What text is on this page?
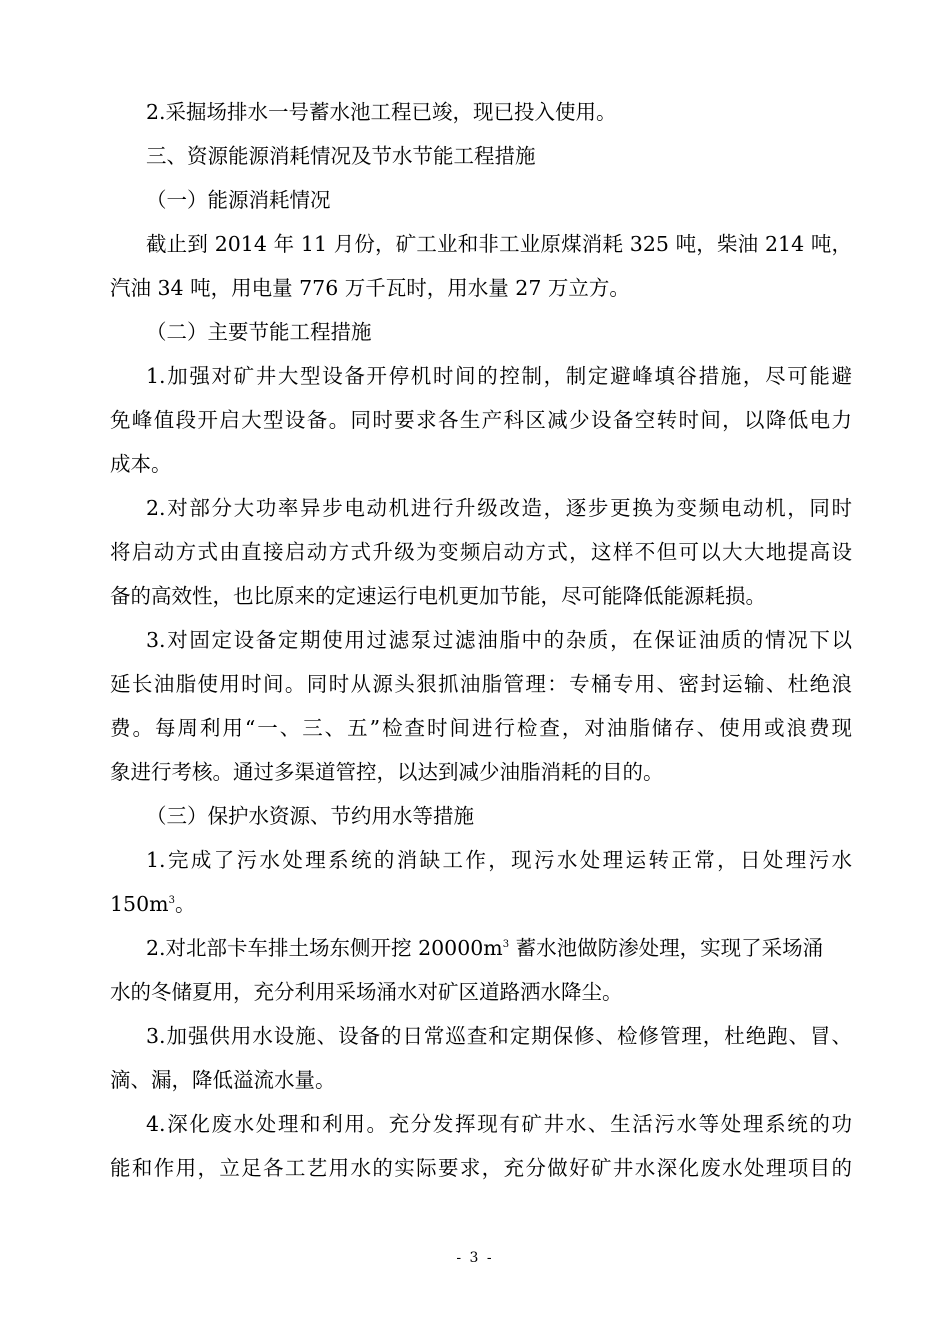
2.采掘场排水一号蓄水池工程已竣，现已投入使用。
三、资源能源消耗情况及节水节能工程措施
（一）能源消耗情况
截止到 2014 年 11 月份，矿工业和非工业原煤消耗 325 吨，柴油 214 吨，
汽油 34 吨，用电量 776 万千瓦时，用水量 27 万立方。
（二）主要节能工程措施
1.加强对矿井大型设备开停机时间的控制，制定避峰填谷措施，尽可能避
免峰值段开启大型设备。同时要求各生产科区减少设备空转时间，以降低电力
成本。
2.对部分大功率异步电动机进行升级改造，逐步更换为变频电动机，同时
将启动方式由直接启动方式升级为变频启动方式，这样不但可以大大地提高设
备的高效性，也比原来的定速运行电机更加节能，尽可能降低能源耗损。
3.对固定设备定期使用过滤泵过滤油脂中的杂质，在保证油质的情况下以
延长油脂使用时间。同时从源头狠抓油脂管理：专桶专用、密封运输、杜绝浪
费。每周利用“一、三、五”检查时间进行检查，对油脂储存、使用或浪费现
象进行考核。通过多渠道管控，以达到减少油脂消耗的目的。
（三）保护水资源、节约用水等措施
1.完成了污水处理系统的消缺工作，现污水处理运转正常，日处理污水
$150m^3$。
2.对北部卡车排土场东侧开挖 $20000m^3$ 蓄水池做防渗处理，实现了采场涌
水的冬储夏用，充分利用采场涌水对矿区道路洒水降尘。
3.加强供用水设施、设备的日常巡查和定期保修、检修管理，杜绝跑、冒、
滴、漏，降低溢流水量。
4.深化废水处理和利用。充分发挥现有矿井水、生活污水等处理系统的功
能和作用，立足各工艺用水的实际要求，充分做好矿井水深化废水处理项目的
- 3 -
